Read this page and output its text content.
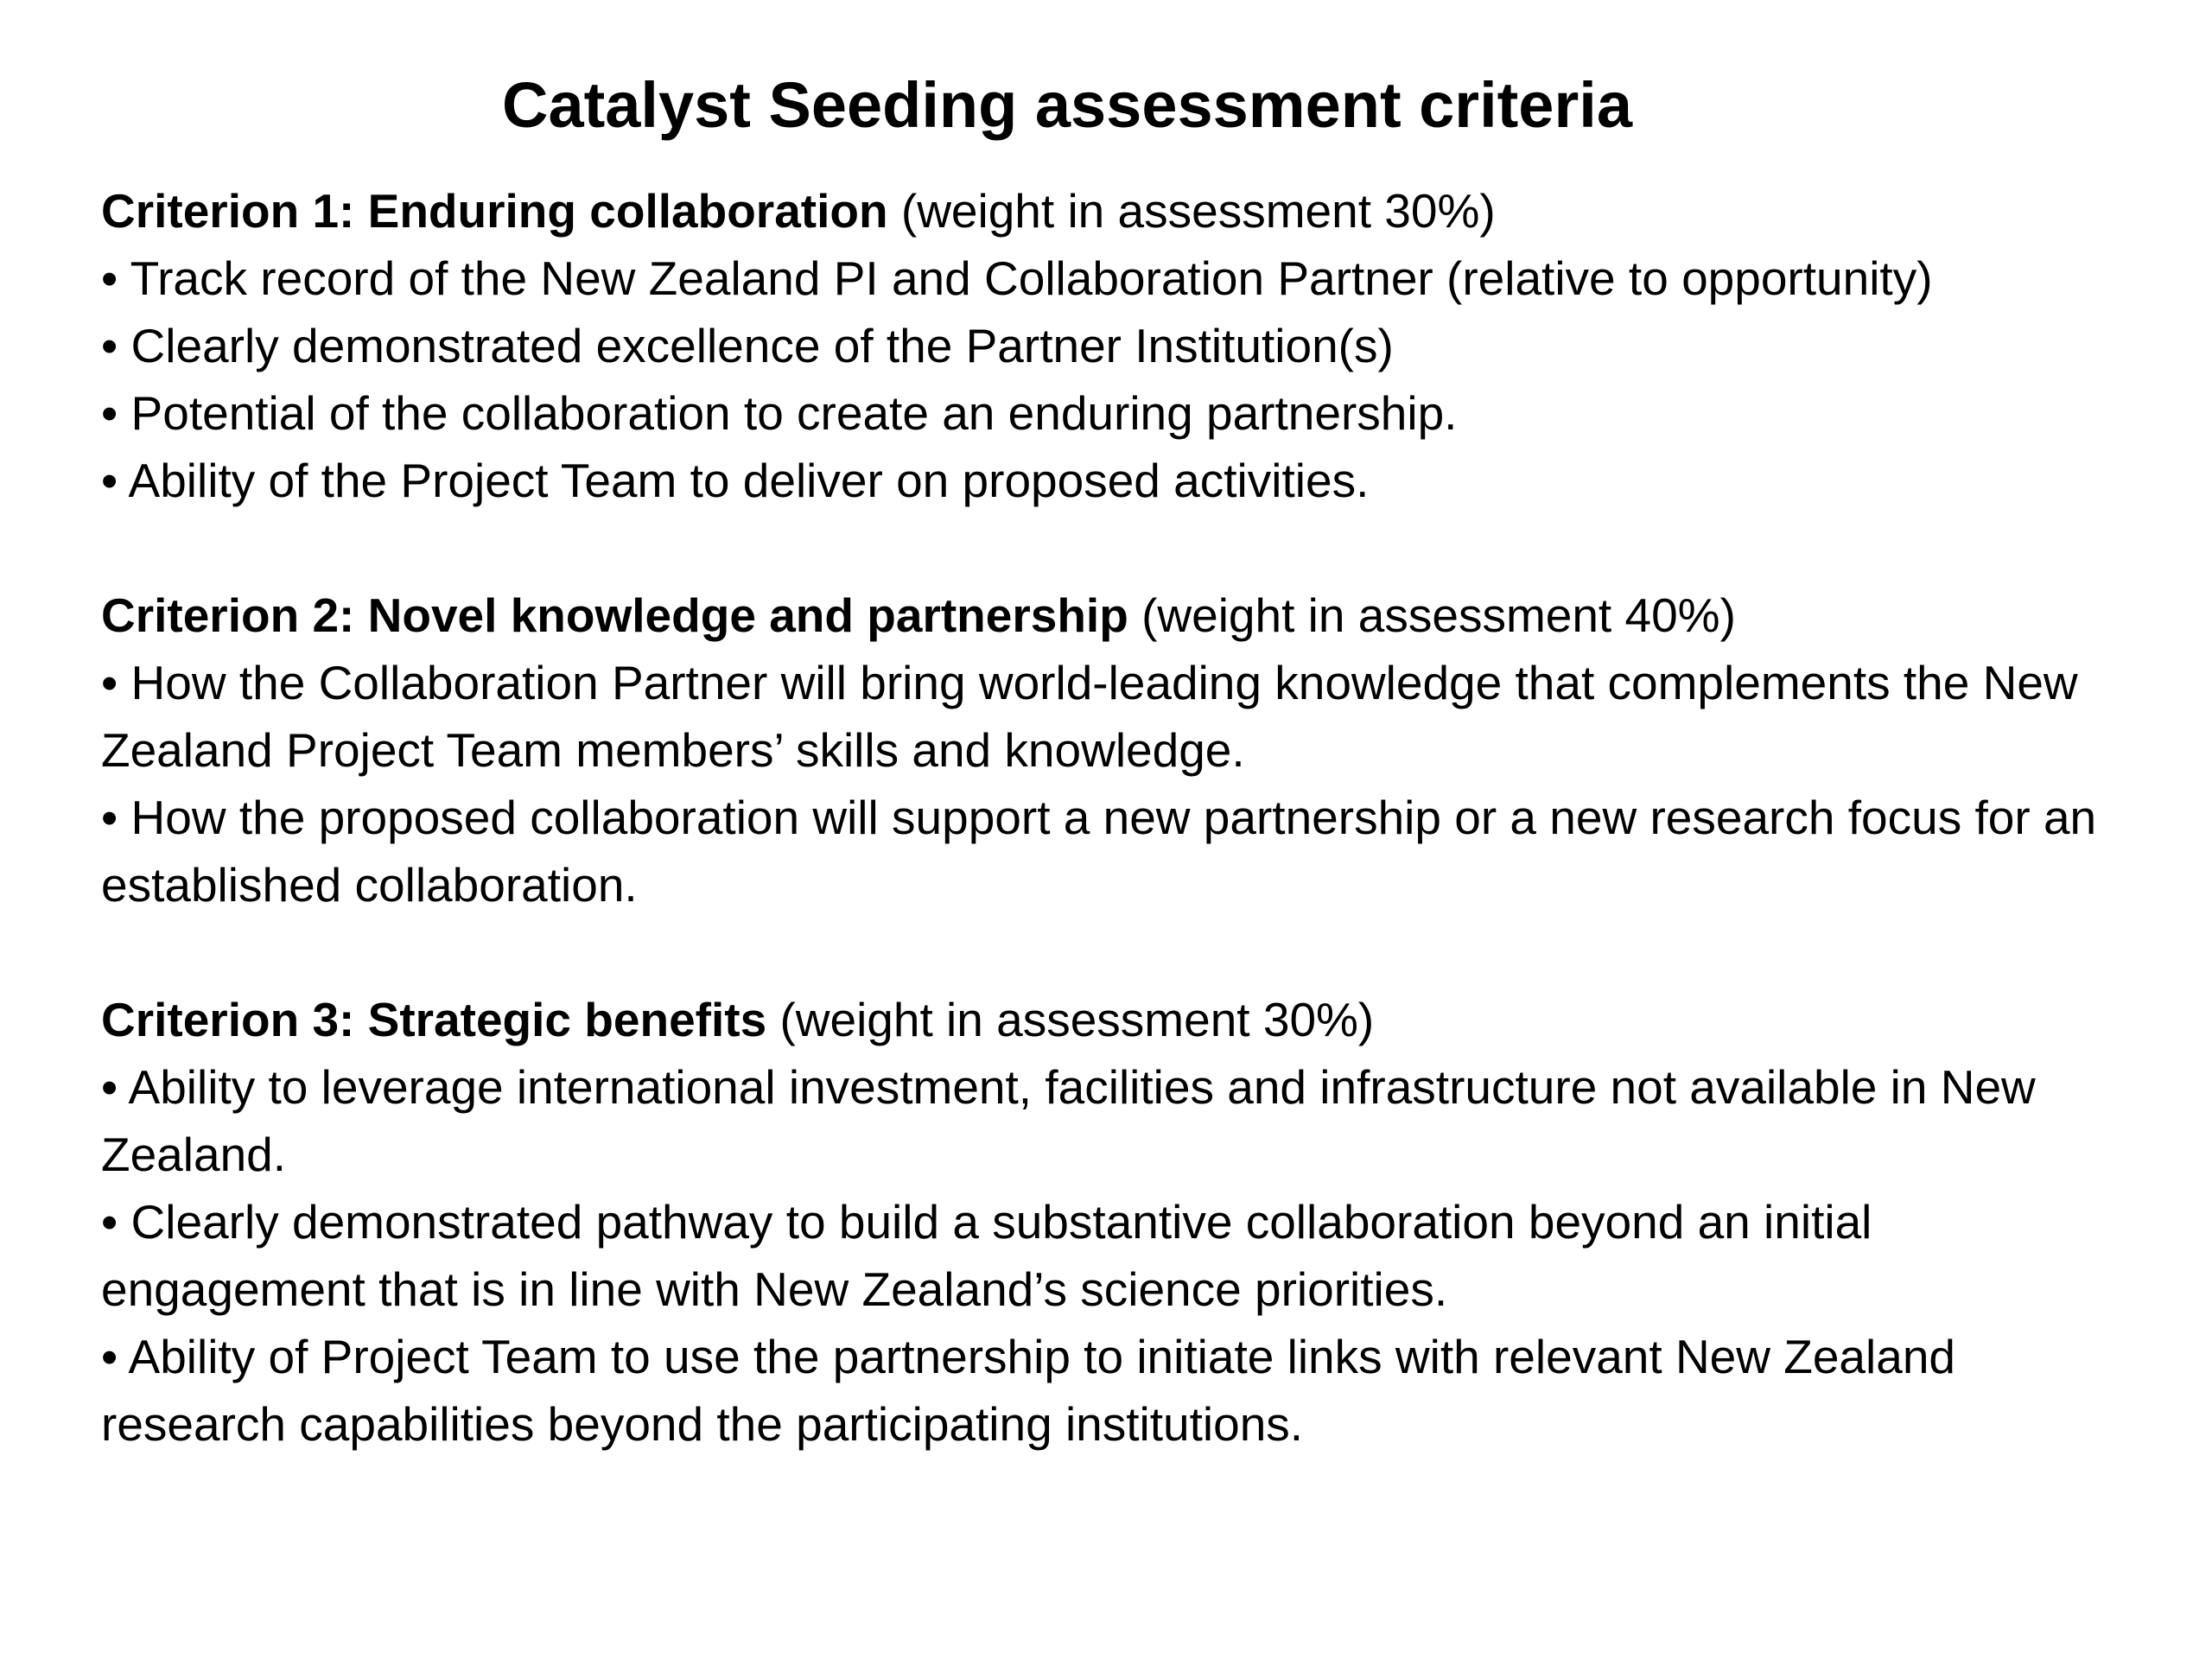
Catalyst Seeding assessment criteria

Criterion 1: Enduring collaboration (weight in assessment 30%)

• Track record of the New Zealand PI and Collaboration Partner (relative to opportunity)
• Clearly demonstrated excellence of the Partner Institution(s)
• Potential of the collaboration to create an enduring partnership.
• Ability of the Project Team to deliver on proposed activities.

Criterion 2: Novel knowledge and partnership (weight in assessment 40%)

• How the Collaboration Partner will bring world-leading knowledge that complements the New Zealand Project Team members’ skills and knowledge.
• How the proposed collaboration will support a new partnership or a new research focus for an established collaboration.

Criterion 3: Strategic benefits (weight in assessment 30%)

• Ability to leverage international investment, facilities and infrastructure not available in New Zealand.
• Clearly demonstrated pathway to build a substantive collaboration beyond an initial engagement that is in line with New Zealand’s science priorities.
• Ability of Project Team to use the partnership to initiate links with relevant New Zealand research capabilities beyond the participating institutions.
